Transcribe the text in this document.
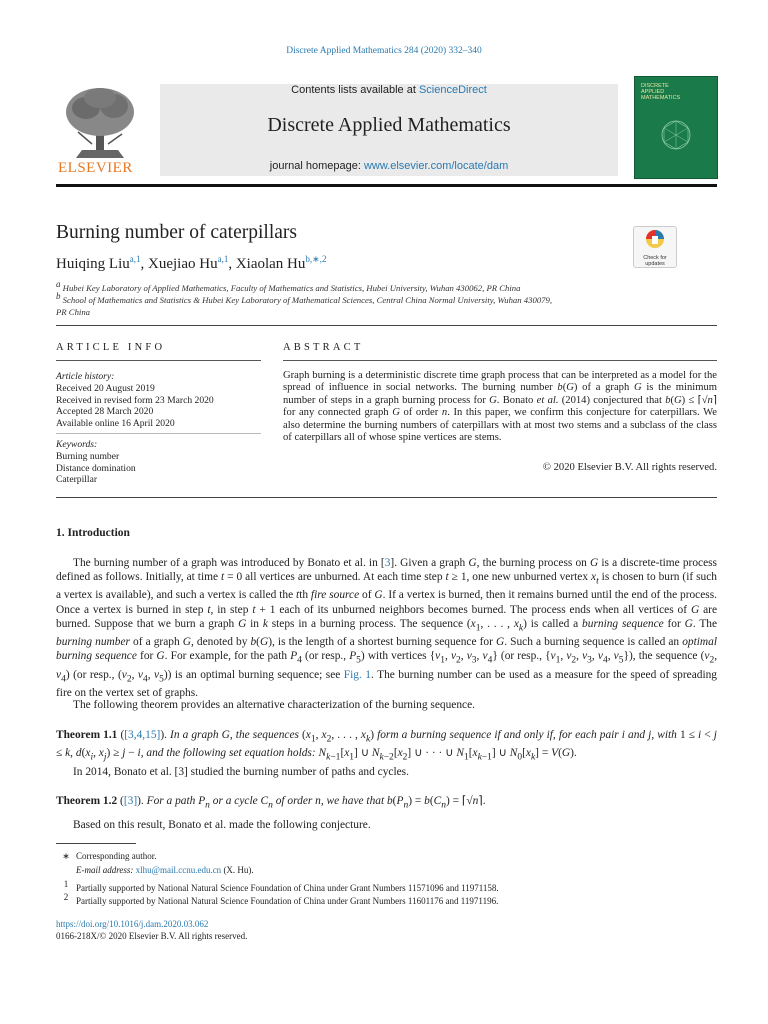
Discrete Applied Mathematics 284 (2020) 332–340
ELSEVIER
Contents lists available at ScienceDirect
Discrete Applied Mathematics
journal homepage: www.elsevier.com/locate/dam
DISCRETE APPLIED MATHEMATICS
Burning number of caterpillars
Check for
updates
Huiqing Liu$^{a,1}$, Xuejiao Hu$^{a,1}$, Xiaolan $Hu^{b,∗,2}$
$^a$ Hubei Key Laboratory of Applied Mathematics, Faculty of Mathematics and Statistics, Hubei University, Wuhan 430062, PR China
$^b$ School of Mathematics and Statistics & Hubei Key Laboratory of Mathematical Sciences, Central China Normal University, Wuhan 430079, PR China
ARTICLE INFO
Article history:
Received 20 August 2019
Received in revised form 23 March 2020
Accepted 28 March 2020
Available online 16 April 2020
Keywords:
Burning number
Distance domination
Caterpillar
ABSTRACT
Graph burning is a deterministic discrete time graph process that can be interpreted as a model for the spread of influence in social networks. The burning number b(G) of a graph G is the minimum number of steps in a graph burning process for G. Bonato et al. (2014) conjectured that b(G) ≤ ⌈√n⌉ for any connected graph G of order n. In this paper, we confirm this conjecture for caterpillars. We also determine the burning numbers of caterpillars with at most two stems and a subclass of the class of caterpillars all of whose spine vertices are stems.
© 2020 Elsevier B.V. All rights reserved.
1. Introduction
The burning number of a graph was introduced by Bonato et al. in [3]. Given a graph G, the burning process on G is a discrete-time process defined as follows. Initially, at time t = 0 all vertices are unburned. At each time step t ≥ 1, one new unburned vertex $x_t$ is chosen to burn (if such a vertex is available), and such a vertex is called the tth fire source of G. If a vertex is burned, then it remains burned until the end of the process. Once a vertex is burned in step t, in step t + 1 each of its unburned neighbors becomes burned. The process ends when all vertices of G are burned. Suppose that we burn a graph G in k steps in a burning process. The sequence ($x_1$, . . . , $x_k$) is called a burning sequence for G. The burning number of a graph G, denoted by b(G), is the length of a shortest burning sequence for G. Such a burning sequence is called an optimal burning sequence for G. For example, for the path $P_4$ (or resp., $P_5$) with vertices {$v_1$, $v_2$, $v_3$, $v_4$} (or resp., {$v_1$, $v_2$, $v_3$, $v_4$, $v_5$}), the sequence ($v_2$, $v_4$) (or resp., ($v_2$, $v_4$, $v_5$)) is an optimal burning sequence; see Fig. 1. The burning number can be used as a measure for the speed of spreading fire on the vertex set of graphs.
The following theorem provides an alternative characterization of the burning sequence.
Theorem 1.1 ([3,4,15]). In a graph G, the sequences ($x_1$, $x_2$, . . . , $x_k$) form a burning sequence if and only if, for each pair i and j, with 1 ≤ i < j ≤ k, $d(x_i$, $x_j) \ge j - i$, and the following set equation holds: $N_{k-1}[x_1]$ ∪ $N_{k-2}[x_2]$ ∪ · · · ∪ $N_1[x_{k-1}]$ ∪ $N_0[x_k] = V(G)$.
In 2014, Bonato et al. [3] studied the burning number of paths and cycles.
Theorem 1.2 ([3]). For a path $P_n$ or a cycle $C_n$ of order n, we have that $b(P_n) = b(C_n)$ = ⌈√n⌉.
Based on this result, Bonato et al. made the following conjecture.
∗ Corresponding author.
E-mail address: xlhu@mail.ccnu.edu.cn (X. Hu).
$^1$ Partially supported by National Natural Science Foundation of China under Grant Numbers 11571096 and 11971158.
$^2$ Partially supported by National Natural Science Foundation of China under Grant Numbers 11601176 and 11971196.
https://doi.org/10.1016/j.dam.2020.03.062
0166-218X/© 2020 Elsevier B.V. All rights reserved.
